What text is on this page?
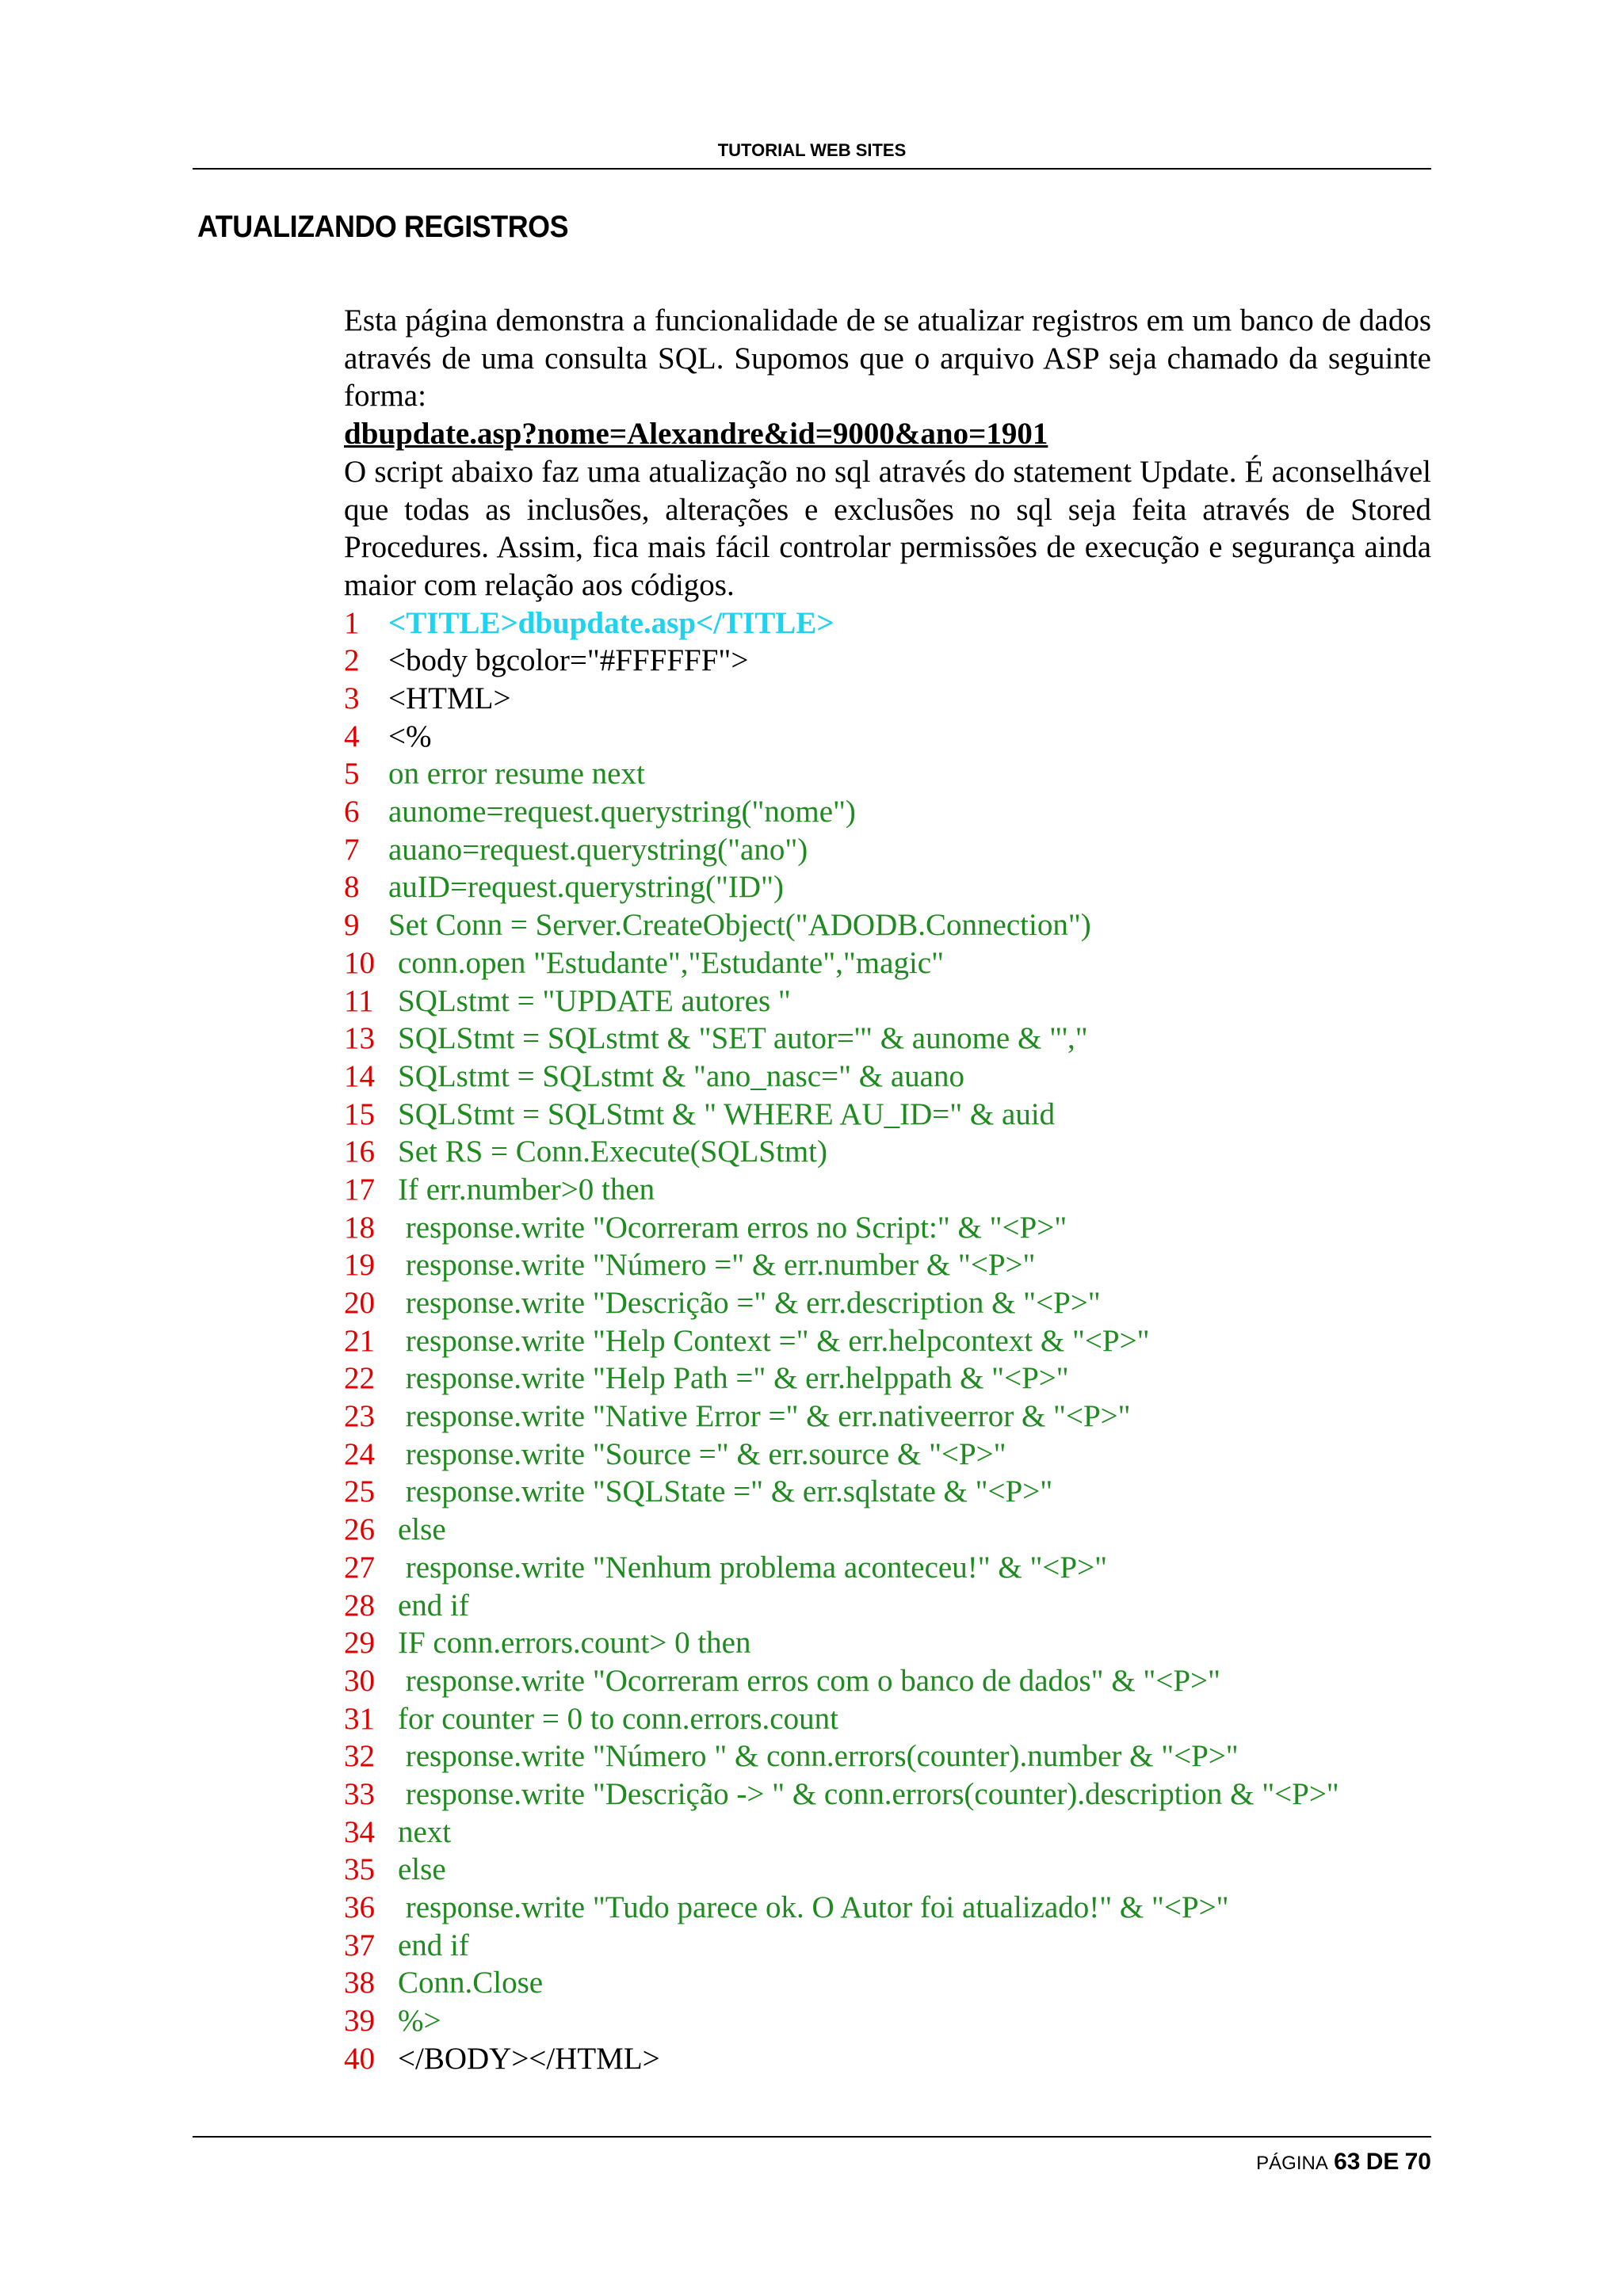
TUTORIAL WEB SITES
ATUALIZANDO REGISTROS

Esta página demonstra a funcionalidade de se atualizar registros em um banco de dados através de uma consulta SQL. Supomos que o arquivo ASP seja chamado da seguinte forma:

dbupdate.asp?nome=Alexandre&id=9000&ano=1901

O script abaixo faz uma atualização no sql através do statement Update. É aconselhável que todas as inclusões, alterações e exclusões no sql seja feita através de Stored Procedures. Assim, fica mais fácil controlar permissões de execução e segurança ainda maior com relação aos códigos.

1 <TITLE>dbupdate.asp</TITLE>
2 <body bgcolor="#FFFFFF">
3 <HTML>
4 <%
5 on error resume next
6 aunome=request.querystring("nome")
7 auano=request.querystring("ano")
8 auID=request.querystring("ID")
9 Set Conn = Server.CreateObject("ADODB.Connection")
10 conn.open "Estudante","Estudante","magic"
11 SQLstmt = "UPDATE autores "
13 SQLStmt = SQLstmt & "SET autor='" & aunome & "',"
14 SQLstmt = SQLstmt & "ano_nasc=" & auano
15 SQLStmt = SQLStmt & " WHERE AU_ID=" & auid
16 Set RS = Conn.Execute(SQLStmt)
17 If err.number>0 then
18 response.write "Ocorreram erros no Script:" & "<P>"
19 response.write "Número =" & err.number & "<P>"
20 response.write "Descrição =" & err.description & "<P>"
21 response.write "Help Context =" & err.helpcontext & "<P>"
22 response.write "Help Path =" & err.helppath & "<P>"
23 response.write "Native Error =" & err.nativeerror & "<P>"
24 response.write "Source =" & err.source & "<P>"
25 response.write "SQLState =" & err.sqlstate & "<P>"
26 else
27 response.write "Nenhum problema aconteceu!" & "<P>"
28 end if
29 IF conn.errors.count> 0 then
30 response.write "Ocorreram erros com o banco de dados" & "<P>"
31 for counter = 0 to conn.errors.count
32 response.write "Número " & conn.errors(counter).number & "<P>"
33 response.write "Descrição -> " & conn.errors(counter).description & "<P>"
34 next
35 else
36 response.write "Tudo parece ok. O Autor foi atualizado!" & "<P>"
37 end if
38 Conn.Close
39 %>
40 </BODY></HTML>
PÁGINA 63 DE 70
